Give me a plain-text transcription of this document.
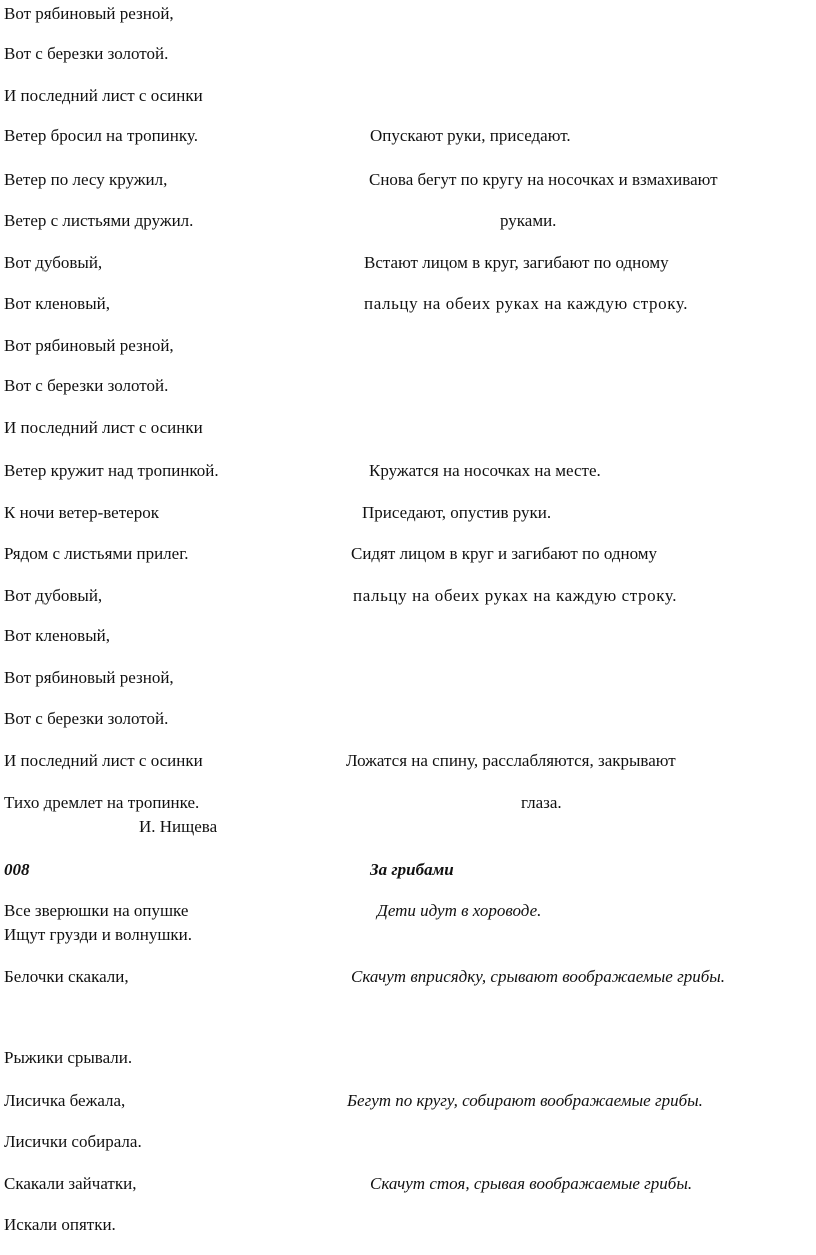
Вот рябиновый резной,
Вот с березки золотой.
И последний лист с осинки
Ветер бросил на тропинку.
Ветер по лесу кружил,
Ветер с листьями дружил.
Вот дубовый,
Вот кленовый,
Вот рябиновый резной,
Вот с березки золотой.
И последний лист с осинки
Ветер кружит над тропинкой.
К ночи ветер-ветерок
Рядом с листьями прилег.
Вот дубовый,
Вот кленовый,
Вот рябиновый резной,
Вот с березки золотой.
И последний лист с осинки
Тихо дремлет на тропинке.
Опускают руки, приседают.
Снова бегут по кругу на носочках и взмахивают
руками.
Встают лицом в круг, загибают по одному
пальцу на обеих руках на каждую строку.
Кружатся на носочках на месте.
Приседают, опустив руки.
Сидят лицом в круг и загибают по одному
пальцу на обеих руках на каждую строку.
Ложатся на спину, расслабляются, закрывают
глаза.
И. Нищева
008	За грибами
Все зверюшки на опушке
Ищут грузди и волнушки.
Белочки скакали,
Рыжики срывали.
Лисичка бежала,
Лисички собирала.
Скакали зайчатки,
Искали опятки.
Дети идут в хороводе.
Скачут вприсядку, срывают воображаемые грибы.
Бегут по кругу, собирают воображаемые грибы.
Скачут стоя, срывая воображаемые грибы.
